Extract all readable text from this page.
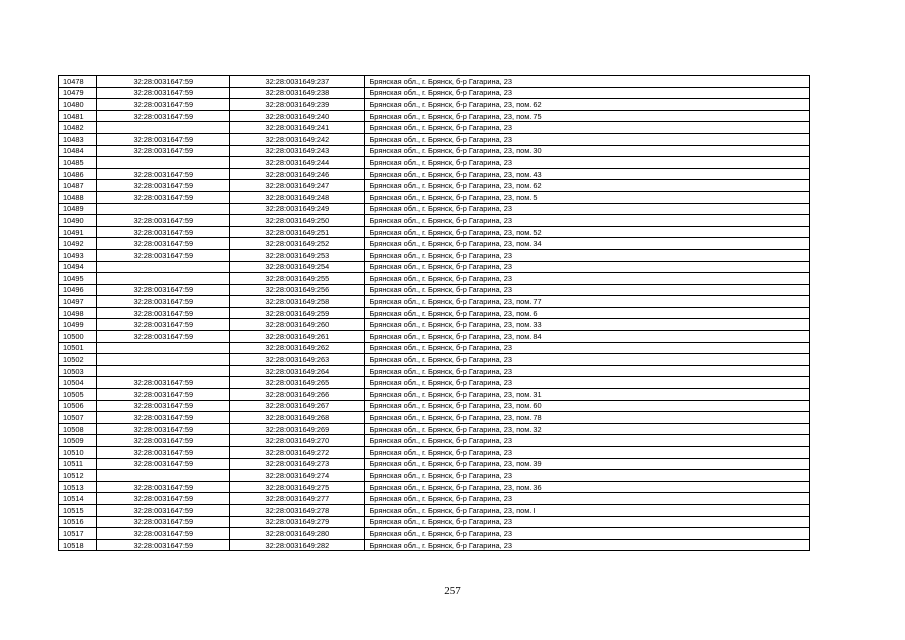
10478	32:28:0031647:59	32:28:0031649:237	Брянская обл., г. Брянск, б-р Гагарина, 23
10479	32:28:0031647:59	32:28:0031649:238	Брянская обл., г. Брянск, б-р Гагарина, 23
10480	32:28:0031647:59	32:28:0031649:239	Брянская обл., г. Брянск, б-р Гагарина, 23, пом. 62
10481	32:28:0031647:59	32:28:0031649:240	Брянская обл., г. Брянск, б-р Гагарина, 23, пом. 75
10482		32:28:0031649:241	Брянская обл., г. Брянск, б-р Гагарина, 23
10483	32:28:0031647:59	32:28:0031649:242	Брянская обл., г. Брянск, б-р Гагарина, 23
10484	32:28:0031647:59	32:28:0031649:243	Брянская обл., г. Брянск, б-р Гагарина, 23, пом. 30
10485		32:28:0031649:244	Брянская обл., г. Брянск, б-р Гагарина, 23
10486	32:28:0031647:59	32:28:0031649:246	Брянская обл., г. Брянск, б-р Гагарина, 23, пом. 43
10487	32:28:0031647:59	32:28:0031649:247	Брянская обл., г. Брянск, б-р Гагарина, 23, пом. 62
10488	32:28:0031647:59	32:28:0031649:248	Брянская обл., г. Брянск, б-р Гагарина, 23, пом. 5
10489		32:28:0031649:249	Брянская обл., г. Брянск, б-р Гагарина, 23
10490	32:28:0031647:59	32:28:0031649:250	Брянская обл., г. Брянск, б-р Гагарина, 23
10491	32:28:0031647:59	32:28:0031649:251	Брянская обл., г. Брянск, б-р Гагарина, 23, пом. 52
10492	32:28:0031647:59	32:28:0031649:252	Брянская обл., г. Брянск, б-р Гагарина, 23, пом. 34
10493	32:28:0031647:59	32:28:0031649:253	Брянская обл., г. Брянск, б-р Гагарина, 23
10494		32:28:0031649:254	Брянская обл., г. Брянск, б-р Гагарина, 23
10495		32:28:0031649:255	Брянская обл., г. Брянск, б-р Гагарина, 23
10496	32:28:0031647:59	32:28:0031649:256	Брянская обл., г. Брянск, б-р Гагарина, 23
10497	32:28:0031647:59	32:28:0031649:258	Брянская обл., г. Брянск, б-р Гагарина, 23, пом. 77
10498	32:28:0031647:59	32:28:0031649:259	Брянская обл., г. Брянск, б-р Гагарина, 23, пом. 6
10499	32:28:0031647:59	32:28:0031649:260	Брянская обл., г. Брянск, б-р Гагарина, 23, пом. 33
10500	32:28:0031647:59	32:28:0031649:261	Брянская обл., г. Брянск, б-р Гагарина, 23, пом. 84
10501		32:28:0031649:262	Брянская обл., г. Брянск, б-р Гагарина, 23
10502		32:28:0031649:263	Брянская обл., г. Брянск, б-р Гагарина, 23
10503		32:28:0031649:264	Брянская обл., г. Брянск, б-р Гагарина, 23
10504	32:28:0031647:59	32:28:0031649:265	Брянская обл., г. Брянск, б-р Гагарина, 23
10505	32:28:0031647:59	32:28:0031649:266	Брянская обл., г. Брянск, б-р Гагарина, 23, пом. 31
10506	32:28:0031647:59	32:28:0031649:267	Брянская обл., г. Брянск, б-р Гагарина, 23, пом. 60
10507	32:28:0031647:59	32:28:0031649:268	Брянская обл., г. Брянск, б-р Гагарина, 23, пом. 78
10508	32:28:0031647:59	32:28:0031649:269	Брянская обл., г. Брянск, б-р Гагарина, 23, пом. 32
10509	32:28:0031647:59	32:28:0031649:270	Брянская обл., г. Брянск, б-р Гагарина, 23
10510	32:28:0031647:59	32:28:0031649:272	Брянская обл., г. Брянск, б-р Гагарина, 23
10511	32:28:0031647:59	32:28:0031649:273	Брянская обл., г. Брянск, б-р Гагарина, 23, пом. 39
10512		32:28:0031649:274	Брянская обл., г. Брянск, б-р Гагарина, 23
10513	32:28:0031647:59	32:28:0031649:275	Брянская обл., г. Брянск, б-р Гагарина, 23, пом. 36
10514	32:28:0031647:59	32:28:0031649:277	Брянская обл., г. Брянск, б-р Гагарина, 23
10515	32:28:0031647:59	32:28:0031649:278	Брянская обл., г. Брянск, б-р Гагарина, 23, пом. I
10516	32:28:0031647:59	32:28:0031649:279	Брянская обл., г. Брянск, б-р Гагарина, 23
10517	32:28:0031647:59	32:28:0031649:280	Брянская обл., г. Брянск, б-р Гагарина, 23
10518	32:28:0031647:59	32:28:0031649:282	Брянская обл., г. Брянск, б-р Гагарина, 23
257
